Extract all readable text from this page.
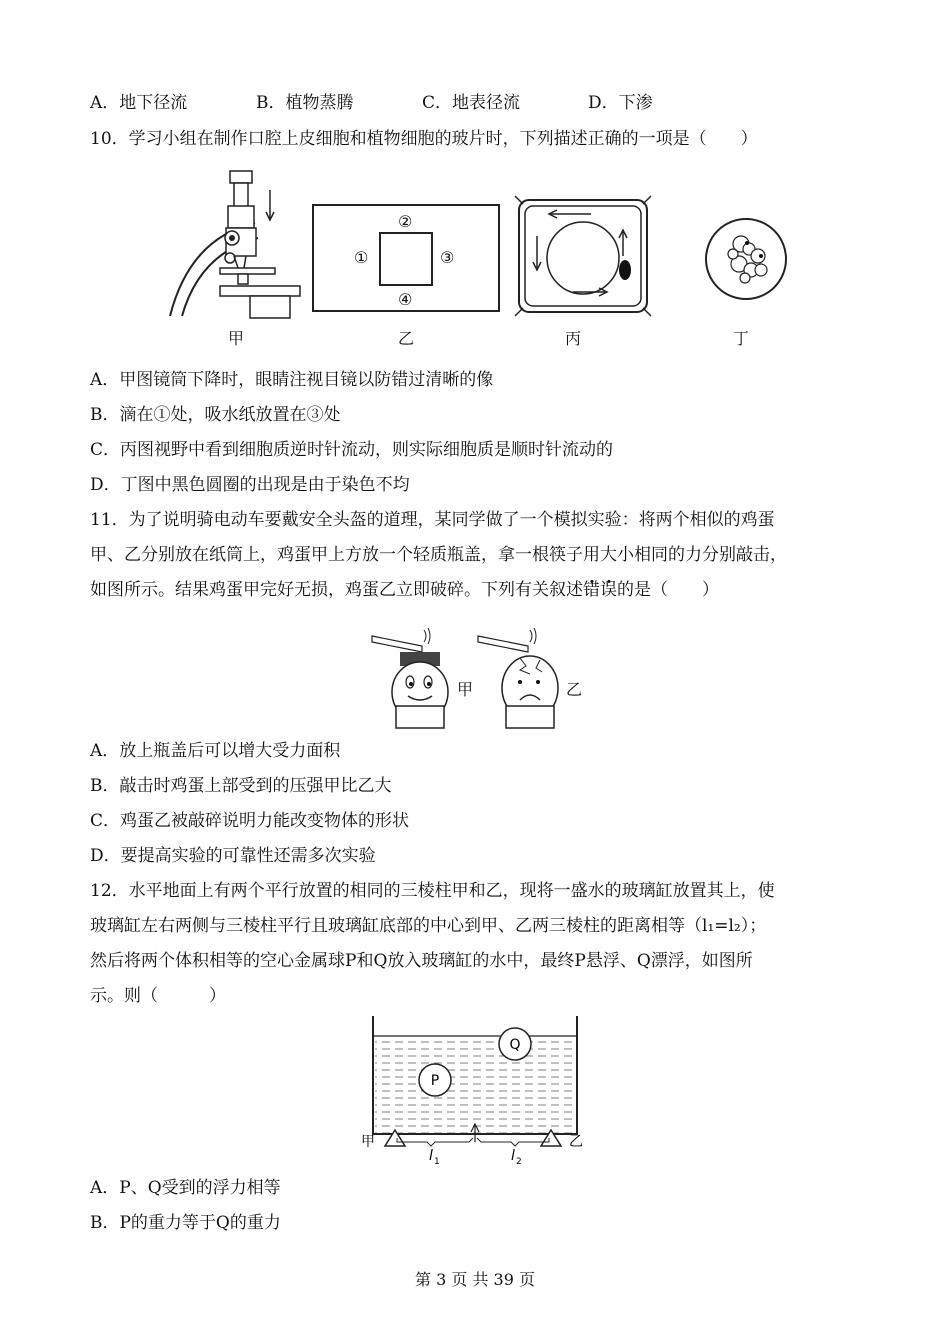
A．地下径流	B．植物蒸腾	C．地表径流	D．下渗
10．学习小组在制作口腔上皮细胞和植物细胞的玻片时，下列描述正确的一项是（　　）
甲
②
①	③
④
乙	丙	丁
A．甲图镜筒下降时，眼睛注视目镜以防错过清晰的像
B．滴在①处，吸水纸放置在③处
C．丙图视野中看到细胞质逆时针流动，则实际细胞质是顺时针流动的
D．丁图中黑色圆圈的出现是由于染色不均
11．为了说明骑电动车要戴安全头盔的道理，某同学做了一个模拟实验：将两个相似的鸡蛋
甲、乙分别放在纸筒上，鸡蛋甲上方放一个轻质瓶盖，拿一根筷子用大小相同的力分别敲击，
如图所示。结果鸡蛋甲完好无损，鸡蛋乙立即破碎。下列有关叙述错误的是（　　）
甲	乙
A．放上瓶盖后可以增大受力面积
B．敲击时鸡蛋上部受到的压强甲比乙大
C．鸡蛋乙被敲碎说明力能改变物体的形状
D．要提高实验的可靠性还需多次实验
12．水平地面上有两个平行放置的相同的三棱柱甲和乙，现将一盛水的玻璃缸放置其上，使
玻璃缸左右两侧与三棱柱平行且玻璃缸底部的中心到甲、乙两三棱柱的距离相等（l₁=l₂）；
然后将两个体积相等的空心金属球P和Q放入玻璃缸的水中，最终P悬浮、Q漂浮，如图所
示。则（　　　）
P
Q
甲	乙
l 1	l 2
A．P、Q受到的浮力相等
B．P的重力等于Q的重力
第 3 页 共 39 页
